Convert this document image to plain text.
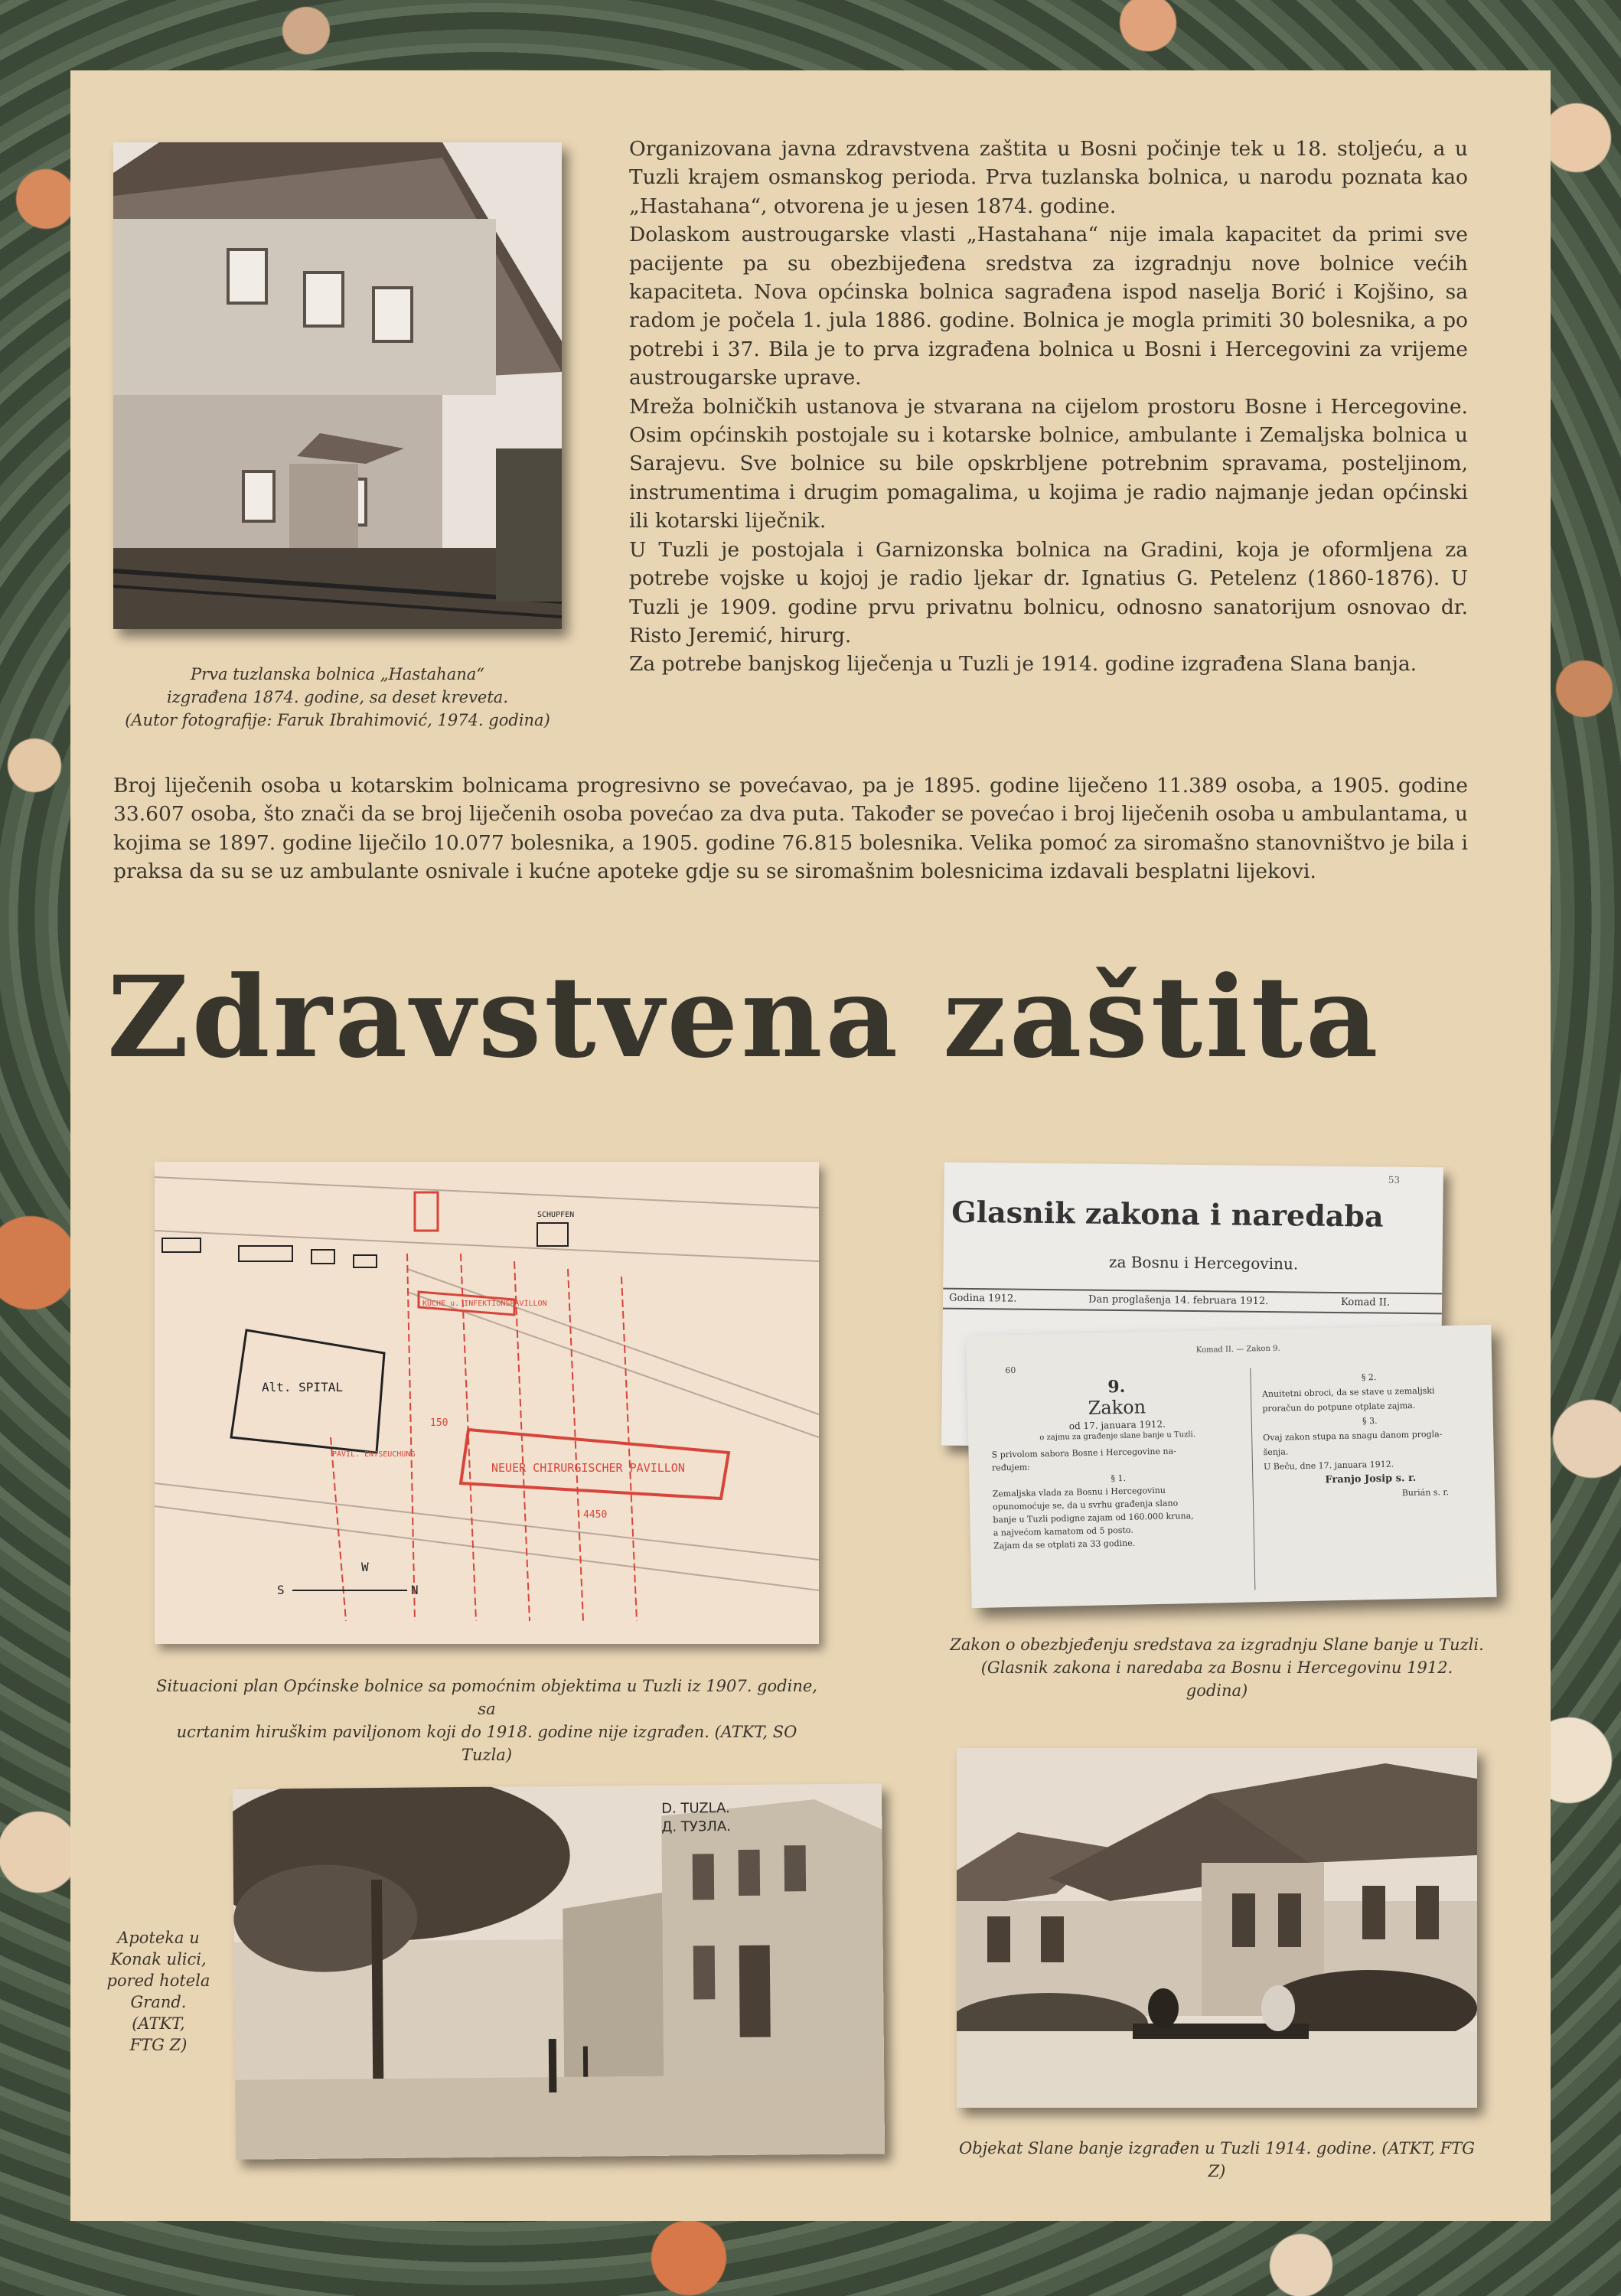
Prva tuzlanska bolnica „Hastahana“
izgrađena 1874. godine, sa deset kreveta.
(Autor fotografije: Faruk Ibrahimović, 1974. godina)

Organizovana javna zdravstvena zaštita u Bosni počinje tek u 18. stoljeću, a u Tuzli krajem osmanskog perioda. Prva tuzlanska bolnica, u narodu poznata kao „Hastahana“, otvorena je u jesen 1874. godine.

Dolaskom austrougarske vlasti „Hastahana“ nije imala kapacitet da primi sve pacijente pa su obezbijeđena sredstva za izgradnju nove bolnice većih kapaciteta. Nova općinska bolnica sagrađena ispod naselja Borić i Kojšino, sa radom je počela 1. jula 1886. godine. Bolnica je mogla primiti 30 bolesnika, a po potrebi i 37. Bila je to prva izgrađena bolnica u Bosni i Hercegovini za vrijeme austrougarske uprave.

Mreža bolničkih ustanova je stvarana na cijelom prostoru Bosne i Hercegovine. Osim općinskih postojale su i kotarske bolnice, ambulante i Zemaljska bolnica u Sarajevu. Sve bolnice su bile opskrbljene potrebnim spravama, posteljinom, instrumentima i drugim pomagalima, u kojima je radio najmanje jedan općinski ili kotarski liječnik.

U Tuzli je postojala i Garnizonska bolnica na Gradini, koja je oformljena za potrebe vojske u kojoj je radio ljekar dr. Ignatius G. Petelenz (1860-1876). U Tuzli je 1909. godine prvu privatnu bolnicu, odnosno sanatorijum osnovao dr. Risto Jeremić, hirurg.

Za potrebe banjskog liječenja u Tuzli je 1914. godine izgrađena Slana banja.

Broj liječenih osoba u kotarskim bolnicama progresivno se povećavao, pa je 1895. godine liječeno 11.389 osoba, a 1905. godine 33.607 osoba, što znači da se broj liječenih osoba povećao za dva puta. Također se povećao i broj liječenih osoba u ambulantama, u kojima se 1897. godine liječilo 10.077 bolesnika, a 1905. godine 76.815 bolesnika. Velika pomoć za siromašno stanovništvo je bila i praksa da su se uz ambulante osnivale i kućne apoteke gdje su se siromašnim bolesnicima izdavali besplatni lijekovi.

Zdravstvena zaštita
Alt. SPITAL
NEUER CHIRURGISCHER PAVILLON
KÜCHE u. INFEKTIONSPAVILLON
PAVIL. ENTSEUCHUNG
SCHUPFEN
150
4450
N
W
S
Situacioni plan Općinske bolnice sa pomoćnim objektima u Tuzli iz 1907. godine, sa
ucrtanim hiruškim paviljonom koji do 1918. godine nije izgrađen. (ATKT, SO Tuzla)
53
Glasnik zakona i naredaba
za Bosnu i Hercegovinu.
Godina 1912.	Dan proglašenja 14. februara 1912.	Komad II.
Komad II. — Zakon 9.
60
9.
Zakon
od 17. januara 1912.
o zajmu za građenje slane banje u Tuzli.
S privolom sabora Bosne i Hercegovine na-
ređujem:
§ 1.
Zemaljska vlada za Bosnu i Hercegovinu
opunomoćuje se, da u svrhu građenja slano
banje u Tuzli podigne zajam od 160.000 kruna,
a najvećom kamatom od 5 posto.
Zajam da se otplati za 33 godine.
§ 2.
Anuitetni obroci, da se stave u zemaljski
proračun do potpune otplate zajma.
§ 3.
Ovaj zakon stupa na snagu danom progla-
šenja.
U Beču, dne 17. januara 1912.
Franjo Josip s. r.
Burián s. r.
Zakon o obezbjeđenju sredstava za izgradnju Slane banje u Tuzli.
(Glasnik zakona i naredaba za Bosnu i Hercegovinu 1912. godina)
D. TUZLA.
Д. ТУЗЛА.
Apoteka u
Konak ulici,
pored hotela
Grand.
(ATKT,
FTG Z)
Objekat Slane banje izgrađen u Tuzli 1914. godine. (ATKT, FTG Z)
